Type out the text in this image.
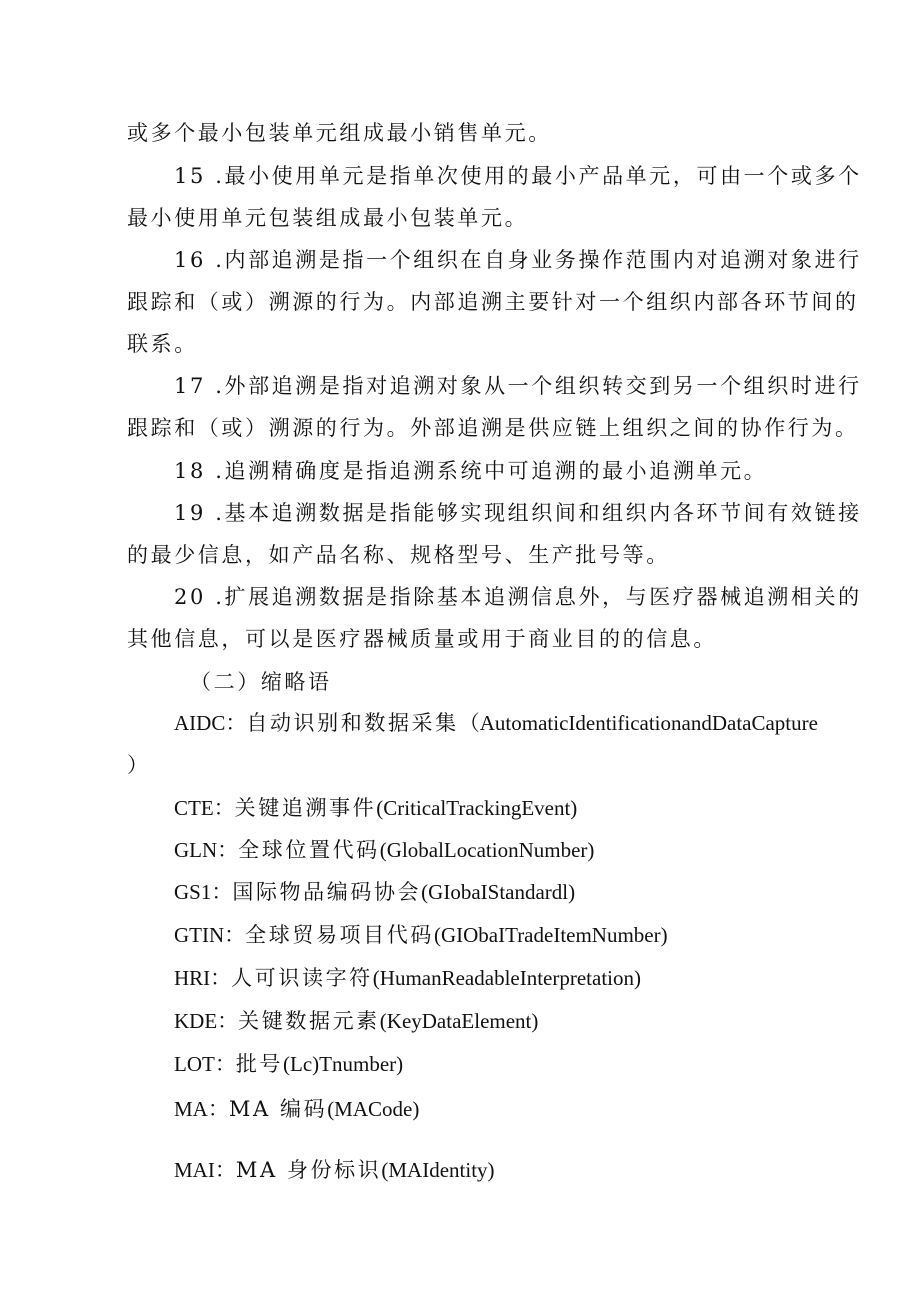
或多个最小包装单元组成最小销售单元。
15 .最小使用单元是指单次使用的最小产品单元，可由一个或多个
最小使用单元包装组成最小包装单元。
16 .内部追溯是指一个组织在自身业务操作范围内对追溯对象进行
跟踪和（或）溯源的行为。内部追溯主要针对一个组织内部各环节间的
联系。
17 .外部追溯是指对追溯对象从一个组织转交到另一个组织时进行
跟踪和（或）溯源的行为。外部追溯是供应链上组织之间的协作行为。
18 .追溯精确度是指追溯系统中可追溯的最小追溯单元。
19 .基本追溯数据是指能够实现组织间和组织内各环节间有效链接
的最少信息，如产品名称、规格型号、生产批号等。
20 .扩展追溯数据是指除基本追溯信息外，与医疗器械追溯相关的
其他信息，可以是医疗器械质量或用于商业目的的信息。
（二）缩略语
AIDC：自动识别和数据采集（AutomaticIdentificationandDataCapture
）
CTE：关键追溯事件(CriticalTrackingEvent)
GLN：全球位置代码(GlobalLocationNumber)
GS1：国际物品编码协会(GIobaIStandardl)
GTIN：全球贸易项目代码(GIObaITradeItemNumber)
HRI：人可识读字符(HumanReadableInterpretation)
KDE：关键数据元素(KeyDataElement)
LOT：批号(Lc)Tnumber)
MA：MA 编码(MACode)
MAI：MA 身份标识(MAIdentity)
